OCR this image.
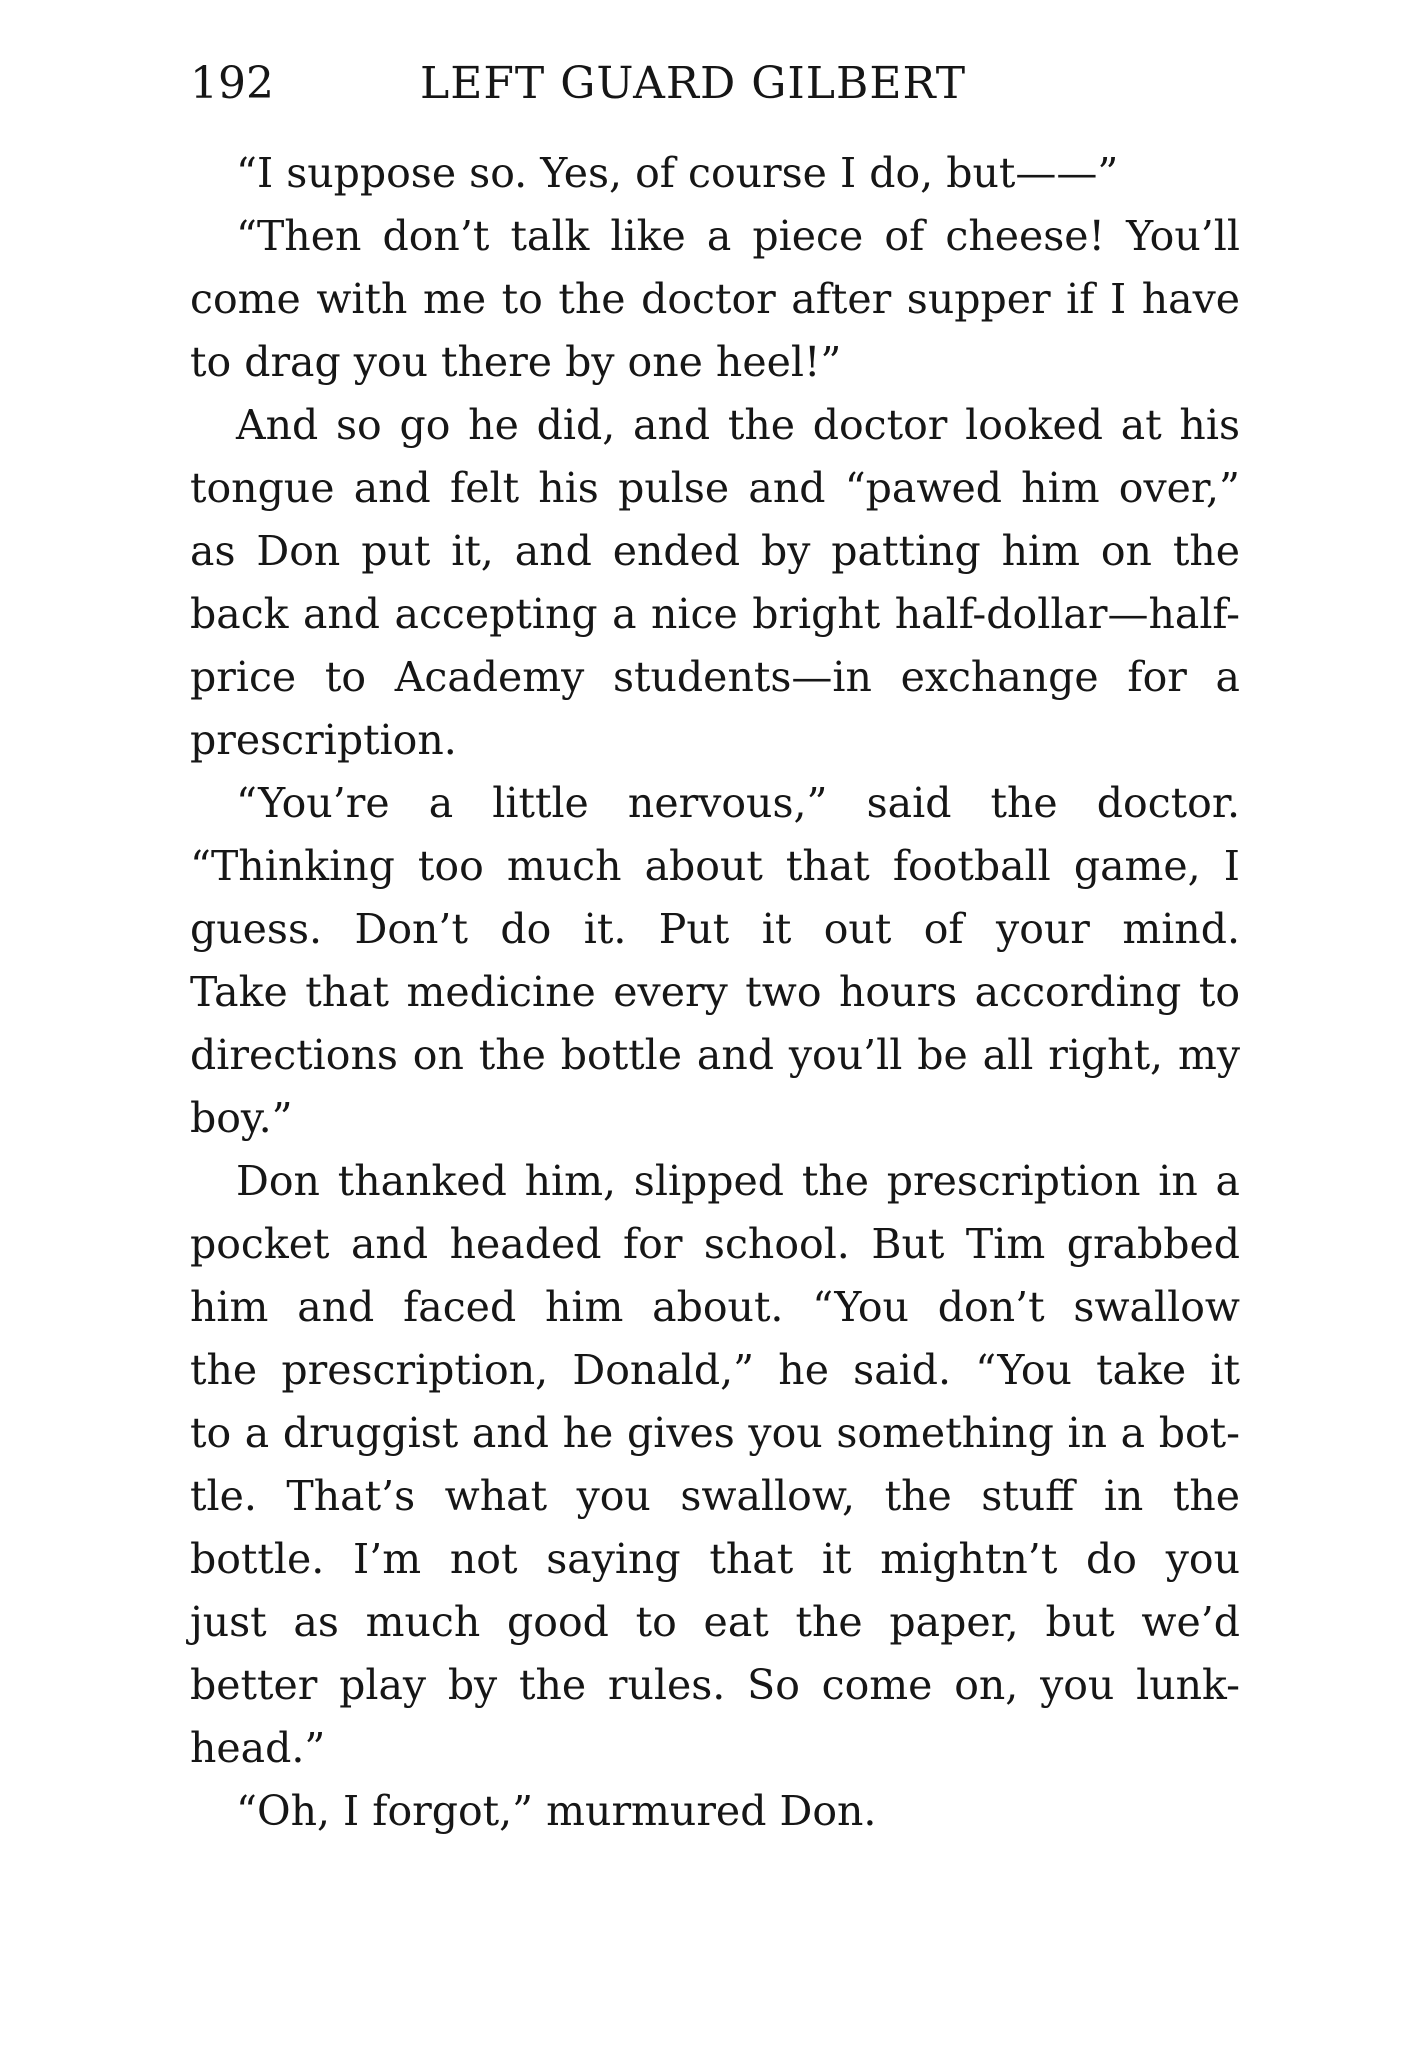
192	LEFT GUARD GILBERT
“I suppose so. Yes, of course I do, but——”
“Then don’t talk like a piece of cheese! You’ll
come with me to the doctor after supper if I have
to drag you there by one heel!”
And so go he did, and the doctor looked at his
tongue and felt his pulse and “pawed him over,”
as Don put it, and ended by patting him on the
back and accepting a nice bright half-dollar—half-
price to Academy students—in exchange for a
prescription.
“You’re a little nervous,” said the doctor.
“Thinking too much about that football game, I
guess. Don’t do it. Put it out of your mind.
Take that medicine every two hours according to
directions on the bottle and you’ll be all right, my
boy.”
Don thanked him, slipped the prescription in a
pocket and headed for school. But Tim grabbed
him and faced him about. “You don’t swallow
the prescription, Donald,” he said. “You take it
to a druggist and he gives you something in a bot-
tle. That’s what you swallow, the stuff in the
bottle. I’m not saying that it mightn’t do you
just as much good to eat the paper, but we’d
better play by the rules. So come on, you lunk-
head.”
“Oh, I forgot,” murmured Don.
